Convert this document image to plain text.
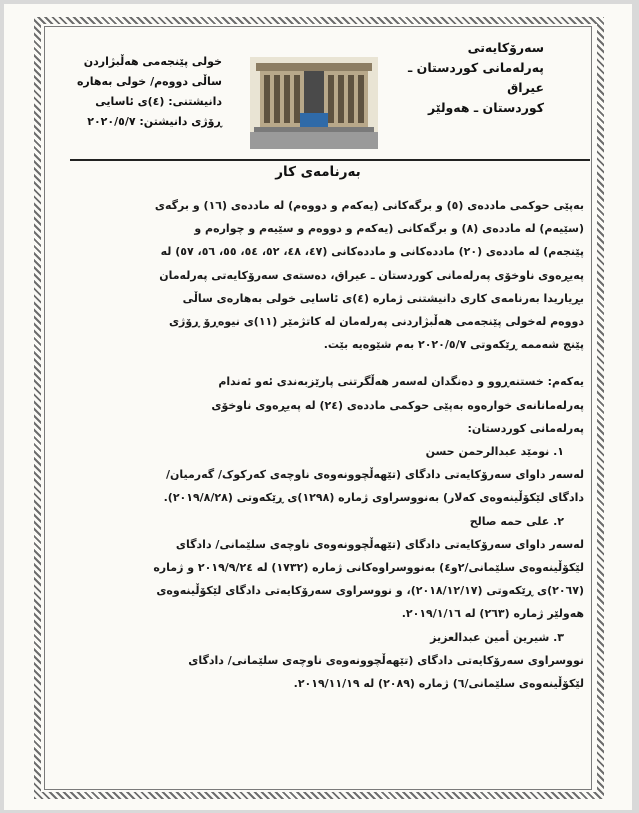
سەرۆکایەتی
پەرلەمانی کوردستان ـ عیراق
کوردستان ـ هەولێر
خولی پێنجەمی هەڵبژاردن
ساڵی دووەم/ خولی بەهارە
دانیشتنی: (٤)ی ئاسایی
ڕۆژی دانیشتن: ٢٠٢٠/٥/٧
بەرنامەی کار

بەپێی حوکمی ماددەی (٥) و برگەکانی (یەکەم و دووەم) لە ماددەی (١٦) و برگەی

(سێیەم) لە ماددەی (٨) و برگەکانی (یەکەم و دووەم و سێیەم و چوارەم و

پێنجەم) لە ماددەی (٢٠) ماددەکانی و ماددەکانی (٤٧، ٤٨، ٥٢، ٥٤، ٥٥، ٥٦، ٥٧) لە

پەیڕەوی ناوخۆی پەرلەمانی کوردستان ـ عیراق، دەستەی سەرۆکایەتی پەرلەمان

بڕیاریدا بەرنامەی کاری دانیشتنی ژمارە (٤)ی ئاسایی خولی بەهارەی ساڵی

دووەم لەخولی پێنجەمی هەڵبژاردنی پەرلەمان لە کاتژمێر (١١)ی نیوەڕۆ ڕۆژی

پێنج شەممە ڕێکەوتی ٢٠٢٠/٥/٧ بەم شێوەیە بێت.

یەکەم: خستنەڕوو و دەنگدان لەسەر هەڵگرتنی پارێزبەندی ئەو ئەندام

پەرلەمانانەی خوارەوە بەپێی حوکمی ماددەی (٢٤) لە پەیڕەوی ناوخۆی

پەرلەمانی کوردستان:

١. نومێد عبدالرحمن حسن

لەسەر داوای سەرۆکایەتی دادگای (تێهەڵچوونەوەی ناوچەی کەرکوک/ گەرمیان/

دادگای لێکۆڵینەوەی کەلار) بەنووسراوی ژمارە (١٢٩٨)ی ڕێکەوتی (٢٠١٩/٨/٢٨).

٢. علی حمه صالح

لەسەر داوای سەرۆکایەتی دادگای (تێهەڵچوونەوەی ناوچەی سلێمانی/ دادگای

لێکۆڵینەوەی سلێمانی/٢و٤) بەنووسراوەکانی ژمارە (١٧٣٢) لە ٢٠١٩/٩/٢٤ و ژمارە

(٢٠٦٧)ی ڕێکەوتی (٢٠١٨/١٢/١٧)، و نووسراوی سەرۆکایەتی دادگای لێکۆڵینەوەی

هەولێر ژمارە (٢٦٣) لە ٢٠١٩/١/١٦.

٣. شیرین أمین عبدالعزیز

نووسراوی سەرۆکایەتی دادگای (تێهەڵچوونەوەی ناوچەی سلێمانی/ دادگای

لێکۆڵینەوەی سلێمانی/٦) ژمارە (٢٠٨٩) لە ٢٠١٩/١١/١٩.
